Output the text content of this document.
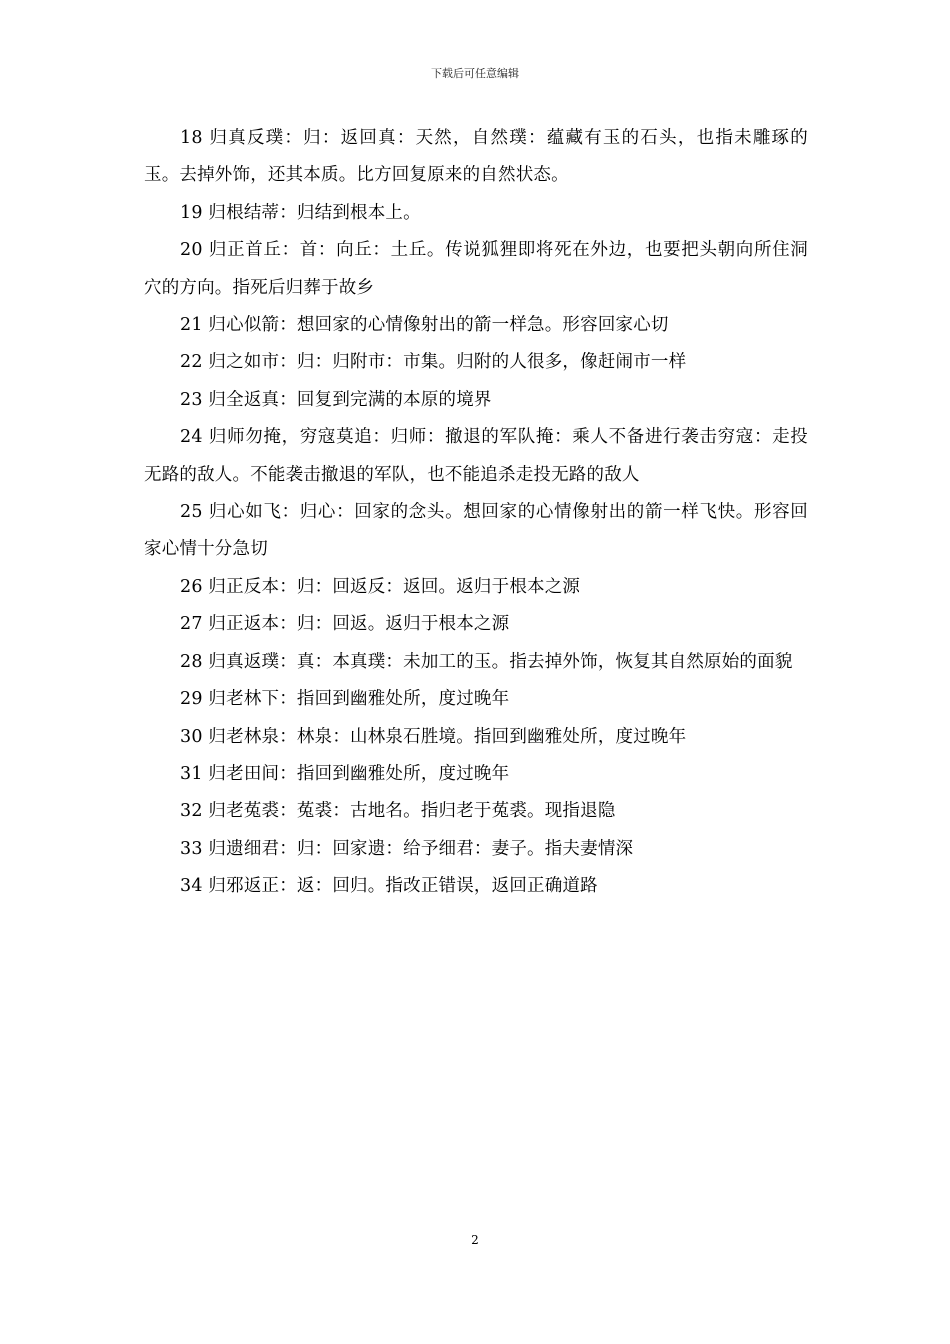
下载后可任意编辑

18 归真反璞：归：返回真：天然，自然璞：蕴藏有玉的石头，也指未雕琢的玉。去掉外饰，还其本质。比方回复原来的自然状态。

19 归根结蒂：归结到根本上。

20 归正首丘：首：向丘：土丘。传说狐狸即将死在外边，也要把头朝向所住洞穴的方向。指死后归葬于故乡

21 归心似箭：想回家的心情像射出的箭一样急。形容回家心切

22 归之如市：归：归附市：市集。归附的人很多，像赶闹市一样

23 归全返真：回复到完满的本原的境界

24 归师勿掩，穷寇莫追：归师：撤退的军队掩：乘人不备进行袭击穷寇：走投无路的敌人。不能袭击撤退的军队，也不能追杀走投无路的敌人

25 归心如飞：归心：回家的念头。想回家的心情像射出的箭一样飞快。形容回家心情十分急切

26 归正反本：归：回返反：返回。返归于根本之源

27 归正返本：归：回返。返归于根本之源

28 归真返璞：真：本真璞：未加工的玉。指去掉外饰，恢复其自然原始的面貌

29 归老林下：指回到幽雅处所，度过晚年

30 归老林泉：林泉：山林泉石胜境。指回到幽雅处所，度过晚年

31 归老田间：指回到幽雅处所，度过晚年

32 归老菟裘：菟裘：古地名。指归老于菟裘。现指退隐

33 归遗细君：归：回家遗：给予细君：妻子。指夫妻情深

34 归邪返正：返：回归。指改正错误，返回正确道路

2
